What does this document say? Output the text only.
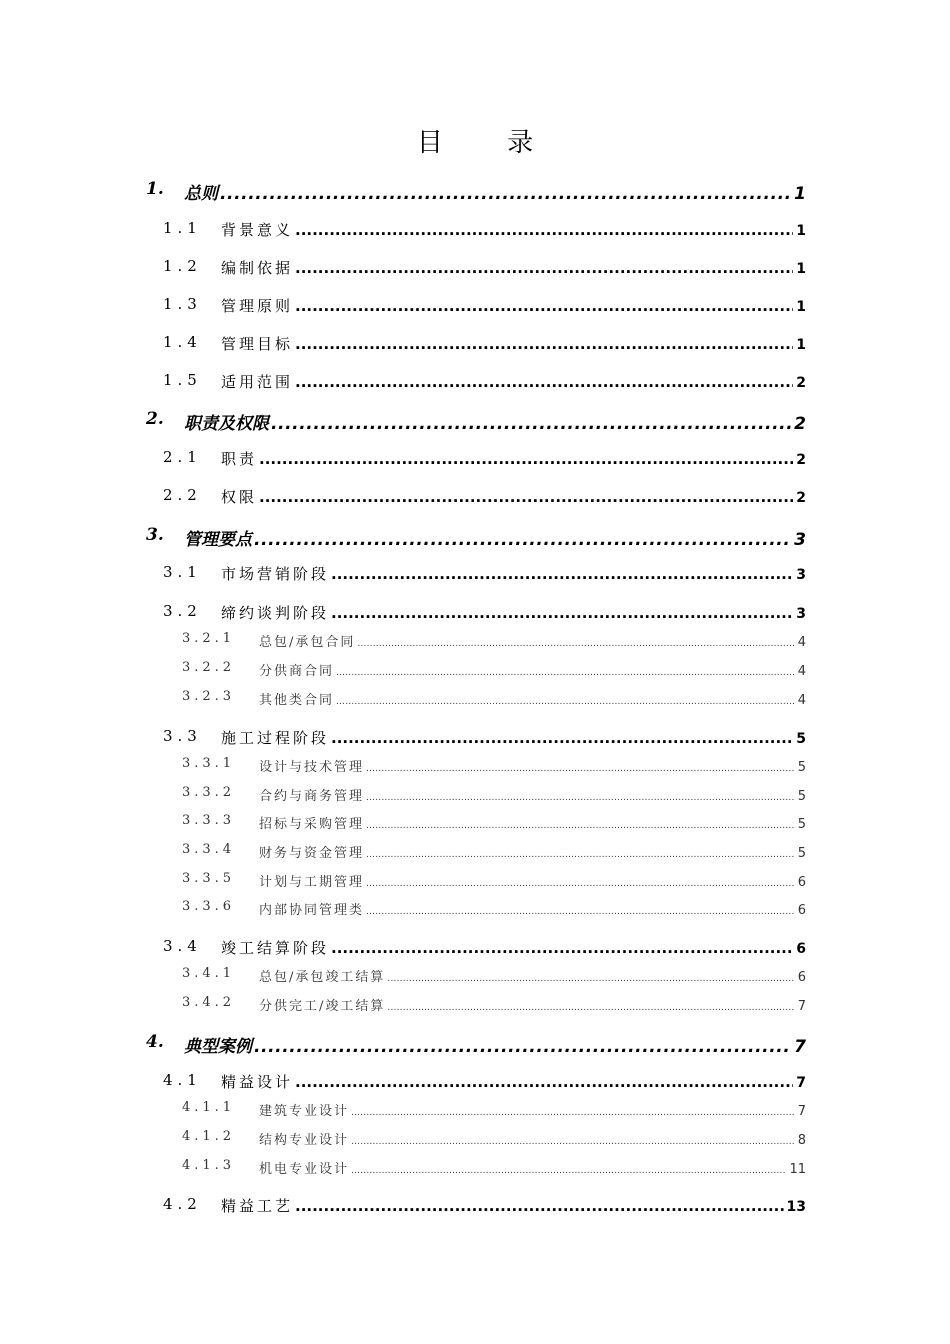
目 录
1.	总则 .....	1
1.1	背景意义 .....	1
1.2	编制依据 .....	1
1.3	管理原则 .....	1
1.4	管理目标 .....	1
1.5	适用范围 .....	2
2.	职责及权限 .....	2
2.1	职责 .....	2
2.2	权限 .....	2
3.	管理要点 .....	3
3.1	市场营销阶段 .....	3
3.2	缔约谈判阶段 .....	3
3.2.1	总包/承包合同 .....	4
3.2.2	分供商合同 .....	4
3.2.3	其他类合同 .....	4
3.3	施工过程阶段 .....	5
3.3.1	设计与技术管理 .....	5
3.3.2	合约与商务管理 .....	5
3.3.3	招标与采购管理 .....	5
3.3.4	财务与资金管理 .....	5
3.3.5	计划与工期管理 .....	6
3.3.6	内部协同管理类 .....	6
3.4	竣工结算阶段 .....	6
3.4.1	总包/承包竣工结算 .....	6
3.4.2	分供完工/竣工结算 .....	7
4.	典型案例 .....	7
4.1	精益设计 .....	7
4.1.1	建筑专业设计 .....	7
4.1.2	结构专业设计 .....	8
4.1.3	机电专业设计 .....	11
4.2	精益工艺 .....	13
